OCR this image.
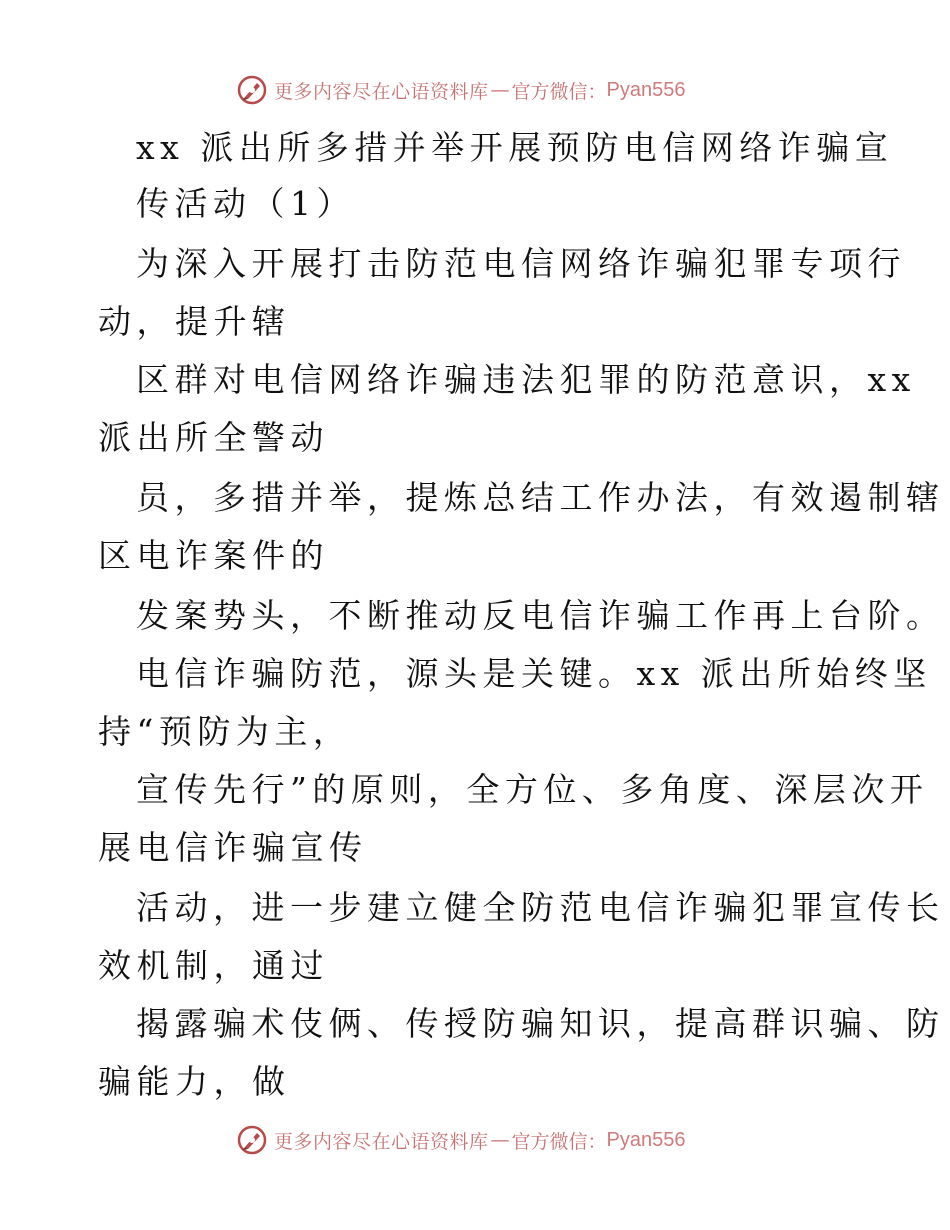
更多内容尽在心语资料库 — 官方微信： Pyan556
xx 派出所多措并举开展预防电信网络诈骗宣
传活动（1）
为深入开展打击防范电信网络诈骗犯罪专项行
动，提升辖
区群对电信网络诈骗违法犯罪的防范意识，xx
派出所全警动
员，多措并举，提炼总结工作办法，有效遏制辖
区电诈案件的
发案势头，不断推动反电信诈骗工作再上台阶。
电信诈骗防范，源头是关键。xx 派出所始终坚
持“预防为主，
宣传先行”的原则，全方位、多角度、深层次开
展电信诈骗宣传
活动，进一步建立健全防范电信诈骗犯罪宣传长
效机制，通过
揭露骗术伎俩、传授防骗知识，提高群识骗、防
骗能力，做
更多内容尽在心语资料库 — 官方微信： Pyan556
